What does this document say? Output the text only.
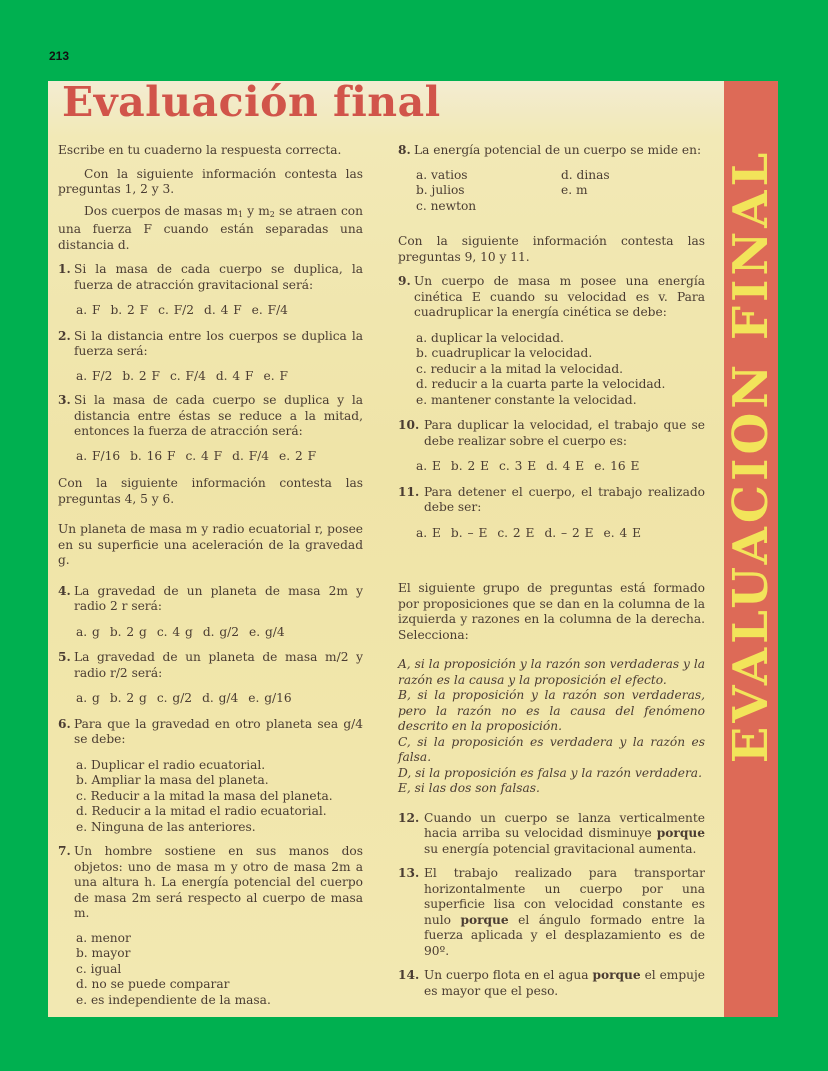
213
EVALUACION FINAL
Evaluación final

Escribe en tu cuaderno la respuesta correcta.

Con la siguiente información contesta las preguntas 1, 2 y 3.

Dos cuerpos de masas $m_1$ y $m_2$ se atraen con una fuerza F cuando están separadas una distancia d.

1. Si la masa de cada cuerpo se duplica, la fuerza de atracción gravitacional será:
a. F b. 2 F c. F/2 d. 4 F e. F/4
2. Si la distancia entre los cuerpos se duplica la fuerza será:
a. F/2 b. 2 F c. F/4 d. 4 F e. F
3. Si la masa de cada cuerpo se duplica y la distancia entre éstas se reduce a la mitad, entonces la fuerza de atracción será:
a. F/16 b. 16 F c. 4 F d. F/4 e. 2 F

Con la siguiente información contesta las preguntas 4, 5 y 6.

Un planeta de masa m y radio ecuatorial r, posee en su superficie una aceleración de la gravedad g.

4. La gravedad de un planeta de masa 2m y radio 2 r será:
a. g b. 2 g c. 4 g d. g/2 e. g/4
5. La gravedad de un planeta de masa m/2 y radio r/2 será:
a. g b. 2 g c. g/2 d. g/4 e. g/16
6. Para que la gravedad en otro planeta sea g/4 se debe:
a. Duplicar el radio ecuatorial.
b. Ampliar la masa del planeta.
c. Reducir a la mitad la masa del planeta.
d. Reducir a la mitad el radio ecuatorial.
e. Ninguna de las anteriores.
7. Un hombre sostiene en sus manos dos objetos: uno de masa m y otro de masa 2m a una altura h. La energía potencial del cuerpo de masa 2m será respecto al cuerpo de masa m.
a. menor
b. mayor
c. igual
d. no se puede comparar
e. es independiente de la masa.
8. La energía potencial de un cuerpo se mide en:
a. vatios	d. dinas
b. julios	e. m
c. newton

Con la siguiente información contesta las preguntas 9, 10 y 11.

9. Un cuerpo de masa m posee una energía cinética E cuando su velocidad es v. Para cuadruplicar la energía cinética se debe:
a. duplicar la velocidad.
b. cuadruplicar la velocidad.
c. reducir a la mitad la velocidad.
d. reducir a la cuarta parte la velocidad.
e. mantener constante la velocidad.
10. Para duplicar la velocidad, el trabajo que se debe realizar sobre el cuerpo es:
a. E b. 2 E c. 3 E d. 4 E e. 16 E
11. Para detener el cuerpo, el trabajo realizado debe ser:
a. E b. – E c. 2 E d. – 2 E e. 4 E

El siguiente grupo de preguntas está formado por proposiciones que se dan en la columna de la izquierda y razones en la columna de la derecha. Selecciona:

A, si la proposición y la razón son verdaderas y la razón es la causa y la proposición el efecto.

B, si la proposición y la razón son verdaderas, pero la razón no es la causa del fenómeno descrito en la proposición.

C, si la proposición es verdadera y la razón es falsa.

D, si la proposición es falsa y la razón verdadera.

E, si las dos son falsas.

12. Cuando un cuerpo se lanza verticalmente hacia arriba su velocidad disminuye porque su energía potencial gravitacional aumenta.
13. El trabajo realizado para transportar horizontalmente un cuerpo por una superficie lisa con velocidad constante es nulo porque el ángulo formado entre la fuerza aplicada y el desplazamiento es de 90º.
14. Un cuerpo flota en el agua porque el empuje es mayor que el peso.
